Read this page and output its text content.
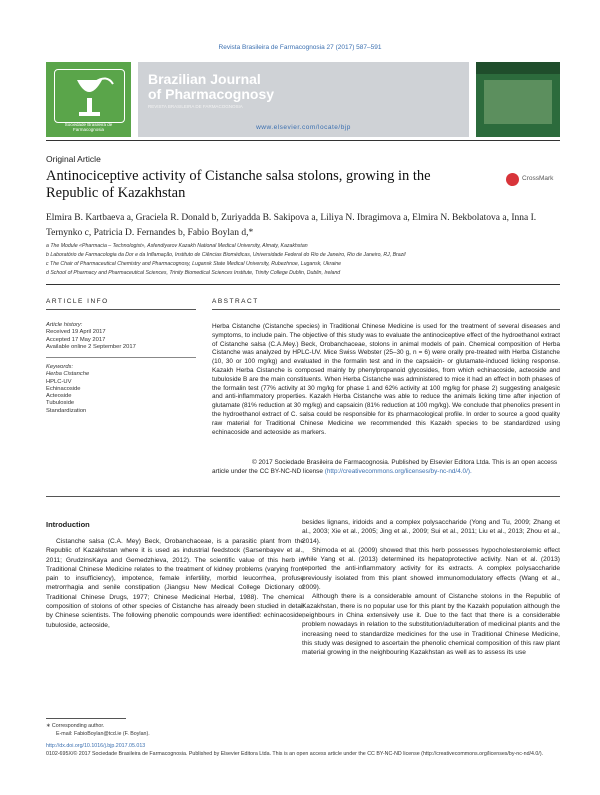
Revista Brasileira de Farmacognosia 27 (2017) 587–591
Sociedade Brasileira de Farmacognosia
Brazilian Journal
of Pharmacognosy
REVISTA BRASILEIRA DE FARMACOGNOSIA
www.elsevier.com/locate/bjp
Original Article
Antinociceptive activity of Cistanche salsa stolons, growing in the Republic of Kazakhstan
CrossMark
Elmira B. Kartbaeva a, Graciela R. Donald b, Zuriyadda B. Sakipova a, Liliya N. Ibragimova a, Elmira N. Bekbolatova a, Inna I. Ternynko c, Patricia D. Fernandes b, Fabio Boylan d,*
a The Module «Pharmacia – Technologist», Asfendiyarov Kazakh National Medical University, Almaty, Kazakhstan
b Laboratório de Farmacologia da Dor e da Inflamação, Instituto de Ciências Biomédicas, Universidade Federal do Rio de Janeiro, Rio de Janeiro, RJ, Brazil
c The Chair of Pharmaceutical Chemistry and Pharmacognosy, Lugansk State Medical University, Rubezhnoe, Lugansk, Ukraine
d School of Pharmacy and Pharmaceutical Sciences, Trinity Biomedical Sciences Institute, Trinity College Dublin, Dublin, Ireland
ARTICLE INFO	ABSTRACT
Article history:
Received 19 April 2017
Accepted 17 May 2017
Available online 2 September 2017
Keywords:
Herba Cistanche
HPLC-UV
Echinacoside
Acteoside
Tubuloside
Standardization
Herba Cistanche (Cistanche species) in Traditional Chinese Medicine is used for the treatment of several diseases and symptoms, to include pain. The objective of this study was to evaluate the antinociceptive effect of the hydroethanol extract of Cistanche salsa (C.A.Mey.) Beck, Orobanchaceae, stolons in animal models of pain. Chemical composition of Herba Cistanche was analyzed by HPLC-UV. Mice Swiss Webster (25–30 g, n = 6) were orally pre-treated with Herba Cistanche (10, 30 or 100 mg/kg) and evaluated in the formalin test and in the capsaicin- or glutamate-induced licking response. Kazakh Herba Cistanche is composed mainly by phenylpropanoid glycosides, from which echinacoside, acteoside and tubuloside B are the main constituents. When Herba Cistanche was administered to mice it had an effect in both phases of the formalin test (77% activity at 30 mg/kg for phase 1 and 62% activity at 100 mg/kg for phase 2) suggesting analgesic and anti-inflammatory properties. Kazakh Herba Cistanche was able to reduce the animals licking time after injection of glutamate (81% reduction at 30 mg/kg) and capsaicin (81% reduction at 100 mg/kg). We conclude that phenolics present in the hydroethanol extract of C. salsa could be responsible for its pharmacological profile. In order to source a good quality raw material for Traditional Chinese Medicine we recommended this Kazakh species to be standardized using echinacoside and acteoside as markers.
© 2017 Sociedade Brasileira de Farmacognosia. Published by Elsevier Editora Ltda. This is an open access article under the CC BY-NC-ND license (http://creativecommons.org/licenses/by-nc-nd/4.0/).
Introduction

Cistanche salsa (C.A. Mey) Beck, Orobanchaceae, is a parasitic plant from the Republic of Kazakhstan where it is used as industrial feedstock (Sarsenbayev et al., 2011; GrudzinsKaya and Gemedzhieva, 2012). The scientific value of this herb in Traditional Chinese Medicine relates to the treatment of kidney problems (varying from pain to insufficiency), impotence, female infertility, morbid leucorrhea, profuse metrorrhagia and senile constipation (Jiangsu New Medical College Dictionary of Traditional Chinese Drugs, 1977; Chinese Medicinal Herbal, 1988). The chemical composition of stolons of other species of Cistanche has already been studied in detail by Chinese scientists. The following phenolic compounds were identified: echinacoside, tubuloside, acteoside,

besides lignans, iridoids and a complex polysaccharide (Yong and Tu, 2009; Zhang et al., 2003; Xie et al., 2005; Jing et al., 2009; Sui et al., 2011; Liu et al., 2013; Zhou et al., 2014).

Shimoda et al. (2009) showed that this herb possesses hypocholesterolemic effect while Yang et al. (2013) determined its hepatoprotective activity. Nan et al. (2013) reported the anti-inflammatory activity for its extracts. A complex polysaccharide previously isolated from this plant showed immunomodulatory effects (Wang et al., 2009).

Although there is a considerable amount of Cistanche stolons in the Republic of Kazakhstan, there is no popular use for this plant by the Kazakh population although the neighbours in China extensively use it. Due to the fact that there is a considerable problem nowadays in relation to the substitution/adulteration of medicinal plants and the increasing need to standardize medicines for the use in Traditional Chinese Medicine, this study was designed to ascertain the phenolic chemical composition of this raw plant material growing in the neighbouring Kazakhstan as well as to assess its use

∗ Corresponding author.
E-mail: FabioBoylan@tcd.ie (F. Boylan).
http://dx.doi.org/10.1016/j.bjp.2017.05.013
0102-695X/© 2017 Sociedade Brasileira de Farmacognosia. Published by Elsevier Editora Ltda. This is an open access article under the CC BY-NC-ND license (http://creativecommons.org/licenses/by-nc-nd/4.0/).
